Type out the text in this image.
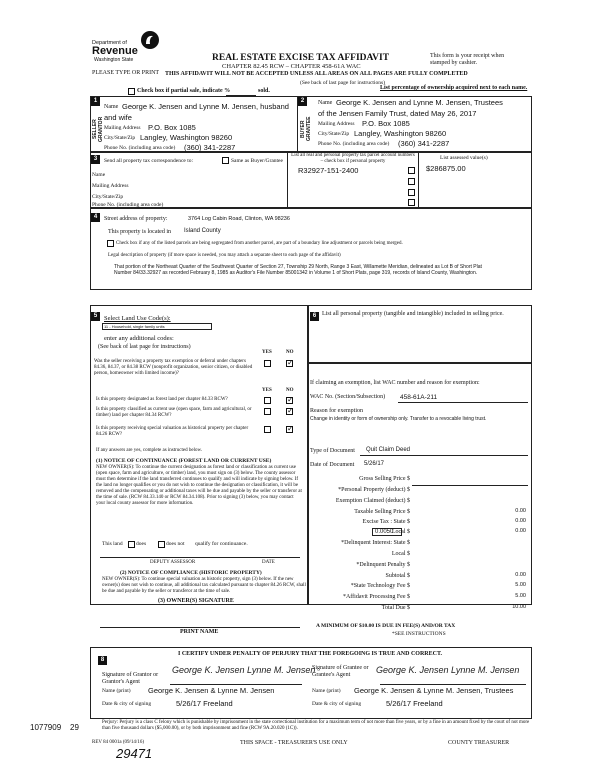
Department of
Revenue
Washington State
PLEASE TYPE OR PRINT
REAL ESTATE EXCISE TAX AFFIDAVIT
CHAPTER 82.45 RCW – CHAPTER 458-61A WAC
THIS AFFIDAVIT WILL NOT BE ACCEPTED UNLESS ALL AREAS ON ALL PAGES ARE FULLY COMPLETED
This form is your receipt when stamped by cashier.
(See back of last page for instructions)
Check box if partial sale, indicate %	sold.	List percentage of ownership acquired next to each name.
1
SELLER GRANTOR
Name George K. Jensen and Lynne M. Jensen, husband
and wife
Mailing Address P.O. Box 1085
City/State/Zip Langley, Washington 98260
Phone No. (including area code) (360) 341-2287
2
BUYER GRANTEE
Name George K. Jensen and Lynne M. Jensen, Trustees
of the Jensen Family Trust, dated May 26, 2017
Mailing Address P.O. Box 1085
City/State/Zip Langley, Washington 98260
Phone No. (including area code) (360) 341-2287
3	Send all property tax correspondence to:	Same as Buyer/Grantee
Name
Mailing Address
City/State/Zip
Phone No. (including area code)
List all real and personal property tax parcel account numbers – check box if personal property
List assessed value(s)
R32927-151-2400	$286875.00
4	Street address of property:	3764 Log Cabin Road, Clinton, WA 98236
This property is located in Island County
Check box if any of the listed parcels are being segregated from another parcel, are part of a boundary line adjustment or parcels being merged.
Legal description of property (if more space is needed, you may attach a separate sheet to each page of the affidavit)
That portion of the Northeast Quarter of the Southwest Quarter of Section 27, Township 29 North, Range 3 East, Willamette Meridian, delineated as Lot B of Short Plat Number 84/33.32927 as recorded February 8, 1985 as Auditor's File Number 85001342 in Volume 1 of Short Plats, page 319, records of Island County, Washington.
5	Select Land Use Code(s):
11 - Household, single family units
enter any additional codes:
(See back of last page for instructions)
YES	NO
Was the seller receiving a property tax exemption or deferral under chapters 84.36, 84.37, or 84.38 RCW (nonprofit organization, senior citizen, or disabled person, homeowner with limited income)?
✓
YES	NO
Is this property designated as forest land per chapter 84.33 RCW?
✓
Is this property classified as current use (open space, farm and agricultural, or timber) land per chapter 84.34 RCW?
✓
Is this property receiving special valuation as historical property per chapter 84.26 RCW?
✓
If any answers are yes, complete as instructed below.
(1) NOTICE OF CONTINUANCE (FOREST LAND OR CURRENT USE)
NEW OWNER(S): To continue the current designation as forest land or classification as current use (open space, farm and agriculture, or timber) land, you must sign on (3) below. The county assessor must then determine if the land transferred continues to qualify and will indicate by signing below. If the land no longer qualifies or you do not wish to continue the designation or classification, it will be removed and the compensating or additional taxes will be due and payable by the seller or transferor at the time of sale. (RCW 84.33.140 or RCW 84.34.108). Prior to signing (3) below, you may contact your local county assessor for more information.
This land does	does not qualify for continuance.
DEPUTY ASSESSOR	DATE
(2) NOTICE OF COMPLIANCE (HISTORIC PROPERTY)
NEW OWNER(S): To continue special valuation as historic property, sign (3) below. If the new owner(s) does not wish to continue, all additional tax calculated pursuant to chapter 84.26 RCW, shall be due and payable by the seller or transferor at the time of sale.
(3) OWNER(S) SIGNATURE
PRINT NAME
6 List all personal property (tangible and intangible) included in selling price.
If claiming an exemption, list WAC number and reason for exemption:
WAC No. (Section/Subsection) 458-61A-211
Reason for exemption
Change in identity or form of ownership only. Transfer to a revocable living trust.
Type of Document Quit Claim Deed
Date of Document 5/26/17
Gross Selling Price $
*Personal Property (deduct) $
Exemption Claimed (deduct) $
Taxable Selling Price $	0.00
Excise Tax : State $	0.00
0.0050
Local $	0.00
*Delinquent Interest: State $
Local $
*Delinquent Penalty $
Subtotal $	0.00
*State Technology Fee $	5.00
*Affidavit Processing Fee $	5.00
Total Due $	10.00
A MINIMUM OF $10.00 IS DUE IN FEE(S) AND/OR TAX
*SEE INSTRUCTIONS
8
I CERTIFY UNDER PENALTY OF PERJURY THAT THE FOREGOING IS TRUE AND CORRECT.
George K. Jensen Lynne M. Jensen
Signature of Grantor or Grantor's Agent
Name (print) George K. Jensen & Lynne M. Jensen
Date & city of signing	5/26/17 Freeland
George K. Jensen Lynne M. Jensen
Signature of Grantee or Grantee's Agent
Name (print) George K. Jensen & Lynne M. Jensen, Trustees
Date & city of signing	5/26/17 Freeland
Perjury: Perjury is a class C felony which is punishable by imprisonment in the state correctional institution for a maximum term of not more than five years, or by a fine in an amount fixed by the court of not more than five thousand dollars ($5,000.00), or by both imprisonment and fine (RCW 9A.20.020 (1C)).
1077909 29
REV 84 0001a (09/14/16)	THIS SPACE - TREASURER'S USE ONLY	COUNTY TREASURER
29471
